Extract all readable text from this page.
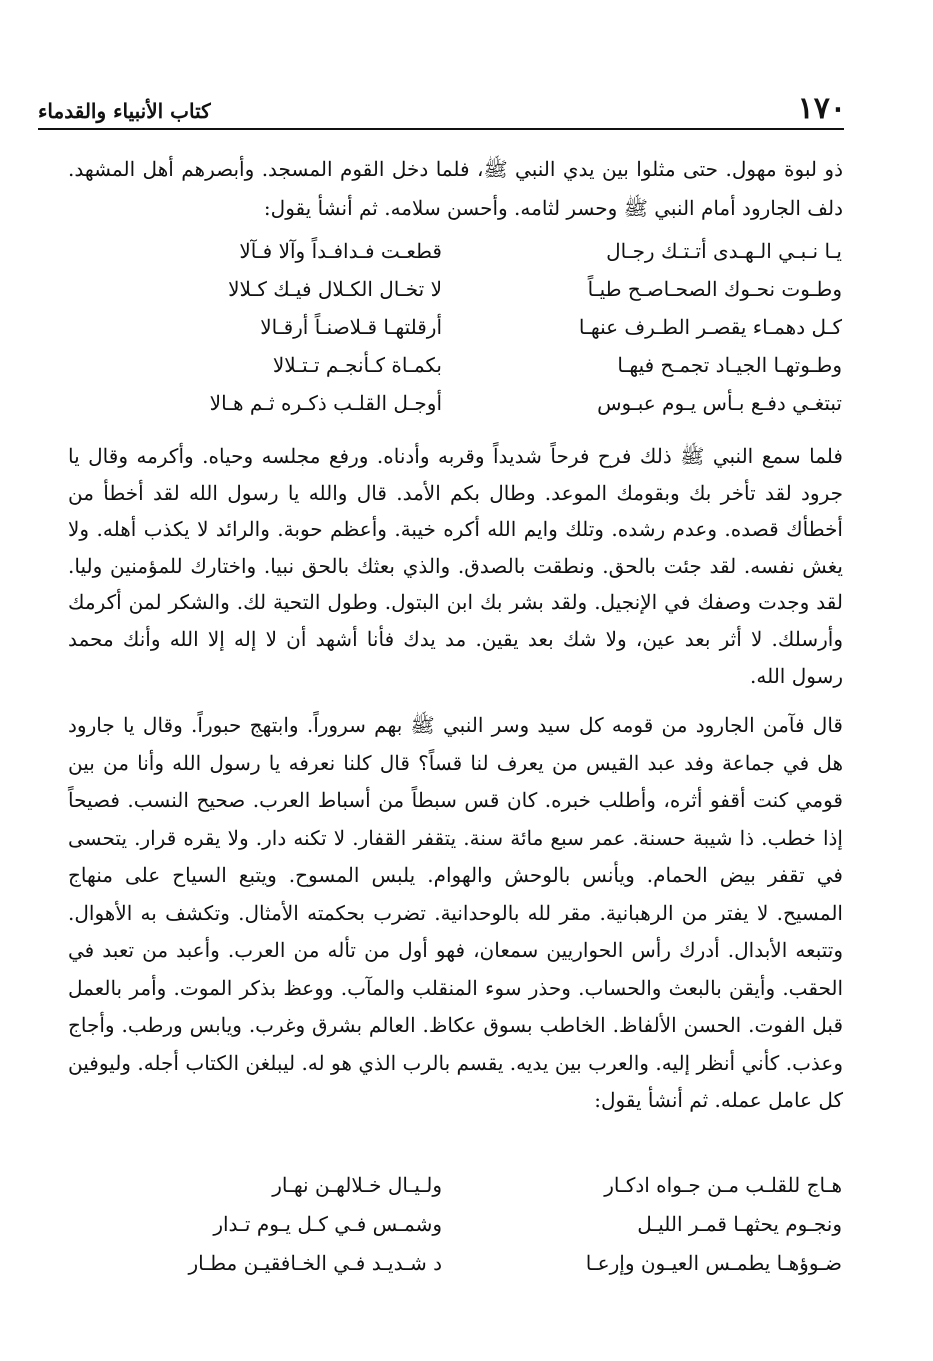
١٧٠
كتاب الأنبياء والقدماء

ذو لبوة مهول. حتى مثلوا بين يدي النبي ﷺ، فلما دخل القوم المسجد. وأبصرهم أهل المشهد. دلف الجارود أمام النبي ﷺ وحسر لثامه. وأحسن سلامه. ثم أنشأ يقول:

يـا نـبـي الـهـدى أتـتـك رجـال
قطعـت فـدافـداً وآلا فـآلا
وطـوت نحـوك الصحـاصـح طيـاً
لا تخـال الكـلال فيـك كـلالا
كـل دهمـاء يقصـر الطـرف عنهـا
أرقلتهـا قـلاصنـاً أرقـالا
وطـوتهـا الجيـاد تجمـح فيهـا
بكمـاة كـأنجـم تـتـلالا
تبتغـي دفـع بـأس يـوم عبـوس
أوجـل القلـب ذكـره ثـم هـالا

فلما سمع النبي ﷺ ذلك فرح فرحاً شديداً وقربه وأدناه. ورفع مجلسه وحياه. وأكرمه وقال يا جرود لقد تأخر بك وبقومك الموعد. وطال بكم الأمد. قال والله يا رسول الله لقد أخطأ من أخطأك قصده. وعدم رشده. وتلك وايم الله أكره خيبة. وأعظم حوبة. والرائد لا يكذب أهله. ولا يغش نفسه. لقد جئت بالحق. ونطقت بالصدق. والذي بعثك بالحق نبيا. واختارك للمؤمنين وليا. لقد وجدت وصفك في الإنجيل. ولقد بشر بك ابن البتول. وطول التحية لك. والشكر لمن أكرمك وأرسلك. لا أثر بعد عين، ولا شك بعد يقين. مد يدك فأنا أشهد أن لا إله إلا الله وأنك محمد رسول الله.

قال فآمن الجارود من قومه كل سيد وسر النبي ﷺ بهم سروراً. وابتهج حبوراً. وقال يا جارود هل في جماعة وفد عبد القيس من يعرف لنا قساً؟ قال كلنا نعرفه يا رسول الله وأنا من بين قومي كنت أقفو أثره، وأطلب خبره. كان قس سبطاً من أسباط العرب. صحيح النسب. فصيحاً إذا خطب. ذا شيبة حسنة. عمر سبع مائة سنة. يتقفر القفار. لا تكنه دار. ولا يقره قرار. يتحسى في تقفر بيض الحمام. ويأنس بالوحش والهوام. يلبس المسوح. ويتبع السياح على منهاج المسيح. لا يفتر من الرهبانية. مقر لله بالوحدانية. تضرب بحكمته الأمثال. وتكشف به الأهوال. وتتبعه الأبدال. أدرك رأس الحواريين سمعان، فهو أول من تأله من العرب. وأعبد من تعبد في الحقب. وأيقن بالبعث والحساب. وحذر سوء المنقلب والمآب. ووعظ بذكر الموت. وأمر بالعمل قبل الفوت. الحسن الألفاظ. الخاطب بسوق عكاظ. العالم بشرق وغرب. ويابس ورطب. وأجاج وعذب. كأني أنظر إليه. والعرب بين يديه. يقسم بالرب الذي هو له. ليبلغن الكتاب أجله. وليوفين كل عامل عمله. ثم أنشأ يقول:

هـاج للقلـب مـن جـواه ادكـار
ولـيـال خـلالهـن نهـار
ونجـوم يحثهـا قمـر الليـل
وشمـس فـي كـل يـوم تـدار
ضـوؤهـا يطمـس العيـون وإرعـا
د شـديـد فـي الخـافقيـن مطـار
